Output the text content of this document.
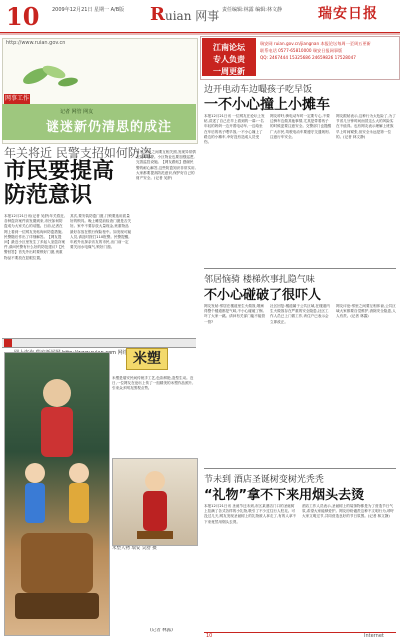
10	2009年12月21日 星期一 A/B版 Ruian 网事 责任编辑:林露 编辑:林文静	瑞安日报
http://www.ruian.gov.cn
网事工作
记者 网管 网友
谜迷新仍清思的成注
年关将近 民警支招如何防盗
市民要提高
防范意识
本报12月21日讯(记者 吴舒)年关将近,各种盗窃案件高发期到来,市民如何防盗成为大家关心的话题。日前,记者在网上看到一位网友发帖询问防盗措施,民警随后作出了详细解答。【网友提问】最近小区里发生了多起入室盗窃案件,请问民警有什么好的防范建议?【民警回答】首先外出时要锁好门窗,贵重物品不要放在显眼位置。
其次,要安装防盗门窗,门锁要选用质量好的锁具。晚上睡觉前检查门窗是否关好。家中不要存放大量现金,贵重物品最好存放在银行保险柜中。如发现可疑人员,请及时拨打110报警。民警提醒,年底外出探亲访友的市民,出门前一定要关闭水电煤气,锁好门窗。
另外,邻里之间要互相关照,发现异常情况及时报警。小区物业也要加强巡逻,完善监控设施。【网友跟帖】感谢民警的耐心解答,这些防盗知识非常实用,大家都要提高防范意识,保护好自己的财产安全。(记者 吴舒)
米塑
米塑是瑞安民间传统手工艺,色彩鲜艳,造型生动。近日,一位网友在论坛上传了一组精美的米塑作品照片,引来众多网友围观点赞。
米塑人物 瑞安 吴舒 摄
(记者 林露)
江南论坛
专人负责
一周更新
瑞安网 ruian.gov.cn/jiangnan 本报论坛每周一至周五更新
联系电话 0577-65810000 瑞安日报网事版
QQ: 2467444 15325686 24659826 17528047
边开电动车边嘬孩子吃早饭
一不小心撞上小摊车
本报12月21日讯 一位网友在论坛上发帖,讲述了自己在早上看到的一幕:一名年轻的妈妈一边开着电动车,一边给坐在车后的孩子喂早饭,一不小心撞上了路边的小摊车,幸好没有造成人员受伤。
网友呼吁,骑电动车时一定要专心,不要边骑车边做其他事情,尤其是带着孩子的时候更要注意安全。交警部门也提醒广大市民,驾驶电动车要遵守交通规则,注意行车安全。
网友跟帖表示,这种行为太危险了,为了节省几分钟时间而冒这么大的风险实在不值得。也有网友表示理解上班族早上时间紧张,但安全永远是第一位的。(记者 林文静)
邻居恼骑 楼梯炊事扎隐气味
不小心碰破了很吓人
网友发帖:邻居在楼道里生火做饭,烟熏得整个楼道都是气味,不小心碰破了锅,吓了大家一跳。请问有关部门能不能管一管?
社区回复:楼道属于公共区域,在楼道内生火做饭存在严重的安全隐患,社区工作人员已上门做工作,该住户已表示会立即改正。
网友评论:邻里之间要互相体谅,公共区域大家都要自觉维护,消除安全隐患,人人有责。(记者 林露)
节未到 酒店圣诞树变树光秃秃
“礼物”拿不下来用烟头去烫
本报12月21日讯 圣诞节还未到,市区某酒店门口的圣诞树上挂满了各式各样的小礼物,吸引了不少过往行人驻足。可没过几天,网友发现圣诞树上的礼物被人拿走了,有的人拿不下来竟然用烟头去烫。
酒店工作人员表示,圣诞树上的装饰物都是为了营造节日气氛,希望大家能够爱护。网友纷纷谴责这种不文明行为,呼吁大家文明过节,共同营造良好的节日氛围。(记者 林文静)
10	Internet
